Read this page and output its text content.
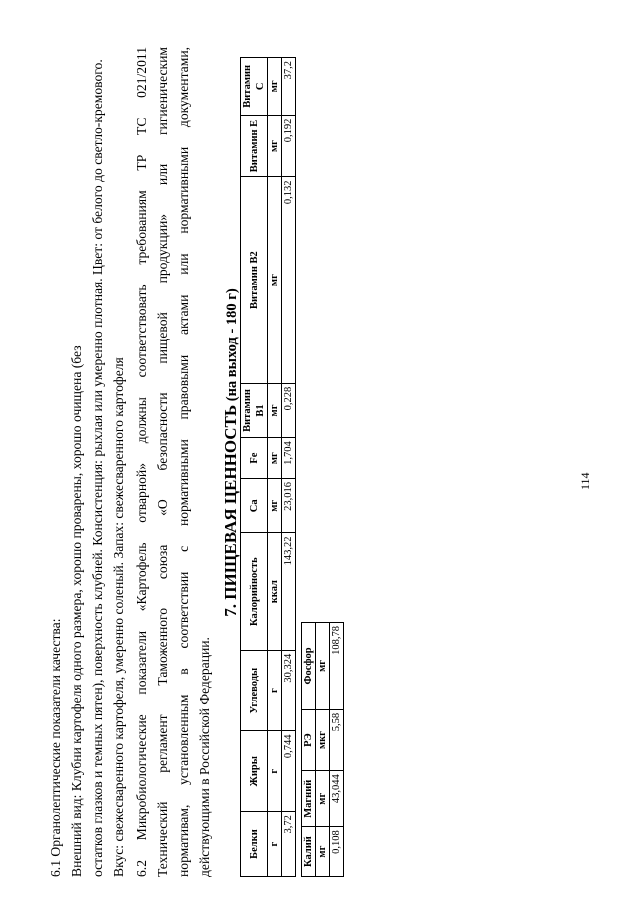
6.1 Органолептические показатели качества: Внешний вид: Клубни картофеля одного размера, хорошо проварены, хорошо очищена (без остатков глазков и темных пятен), поверхность клубней. Консистенция: рыхлая или умеренно плотная. Цвет: от белого до светло-кремового. Вкус: свежесваренного картофеля, умеренно соленый. Запах: свежесваренного картофеля 6.2 Микробиологические показатели «Картофель отварной» должны соответствовать требованиям ТР ТС 021/2011 Технический регламент Таможенного союза «О безопасности пищевой продукции» или гигиеническим нормативам, установленным в соответствии с нормативными правовыми актами или нормативными документами, действующими в Российской Федерации.
7. ПИЩЕВАЯ ЦЕННОСТЬ (на выход - 180 г)
Белки	Жиры	Углеводы	Калорийность	Ca	Fe	Витамин В1	Витамин В2	Витамин Е	Витамин С
г	г	г	ккал	мг	мг	мг	мг	мг	мг
3,72	0,744	30,324	143,22	23,016	1,704	0,228	0,132	0,192	37,2
Калий	Магний	РЭ	Фосфор
мг	мг	мкг	мг
0,108	43,044	5,58	108,78
114
